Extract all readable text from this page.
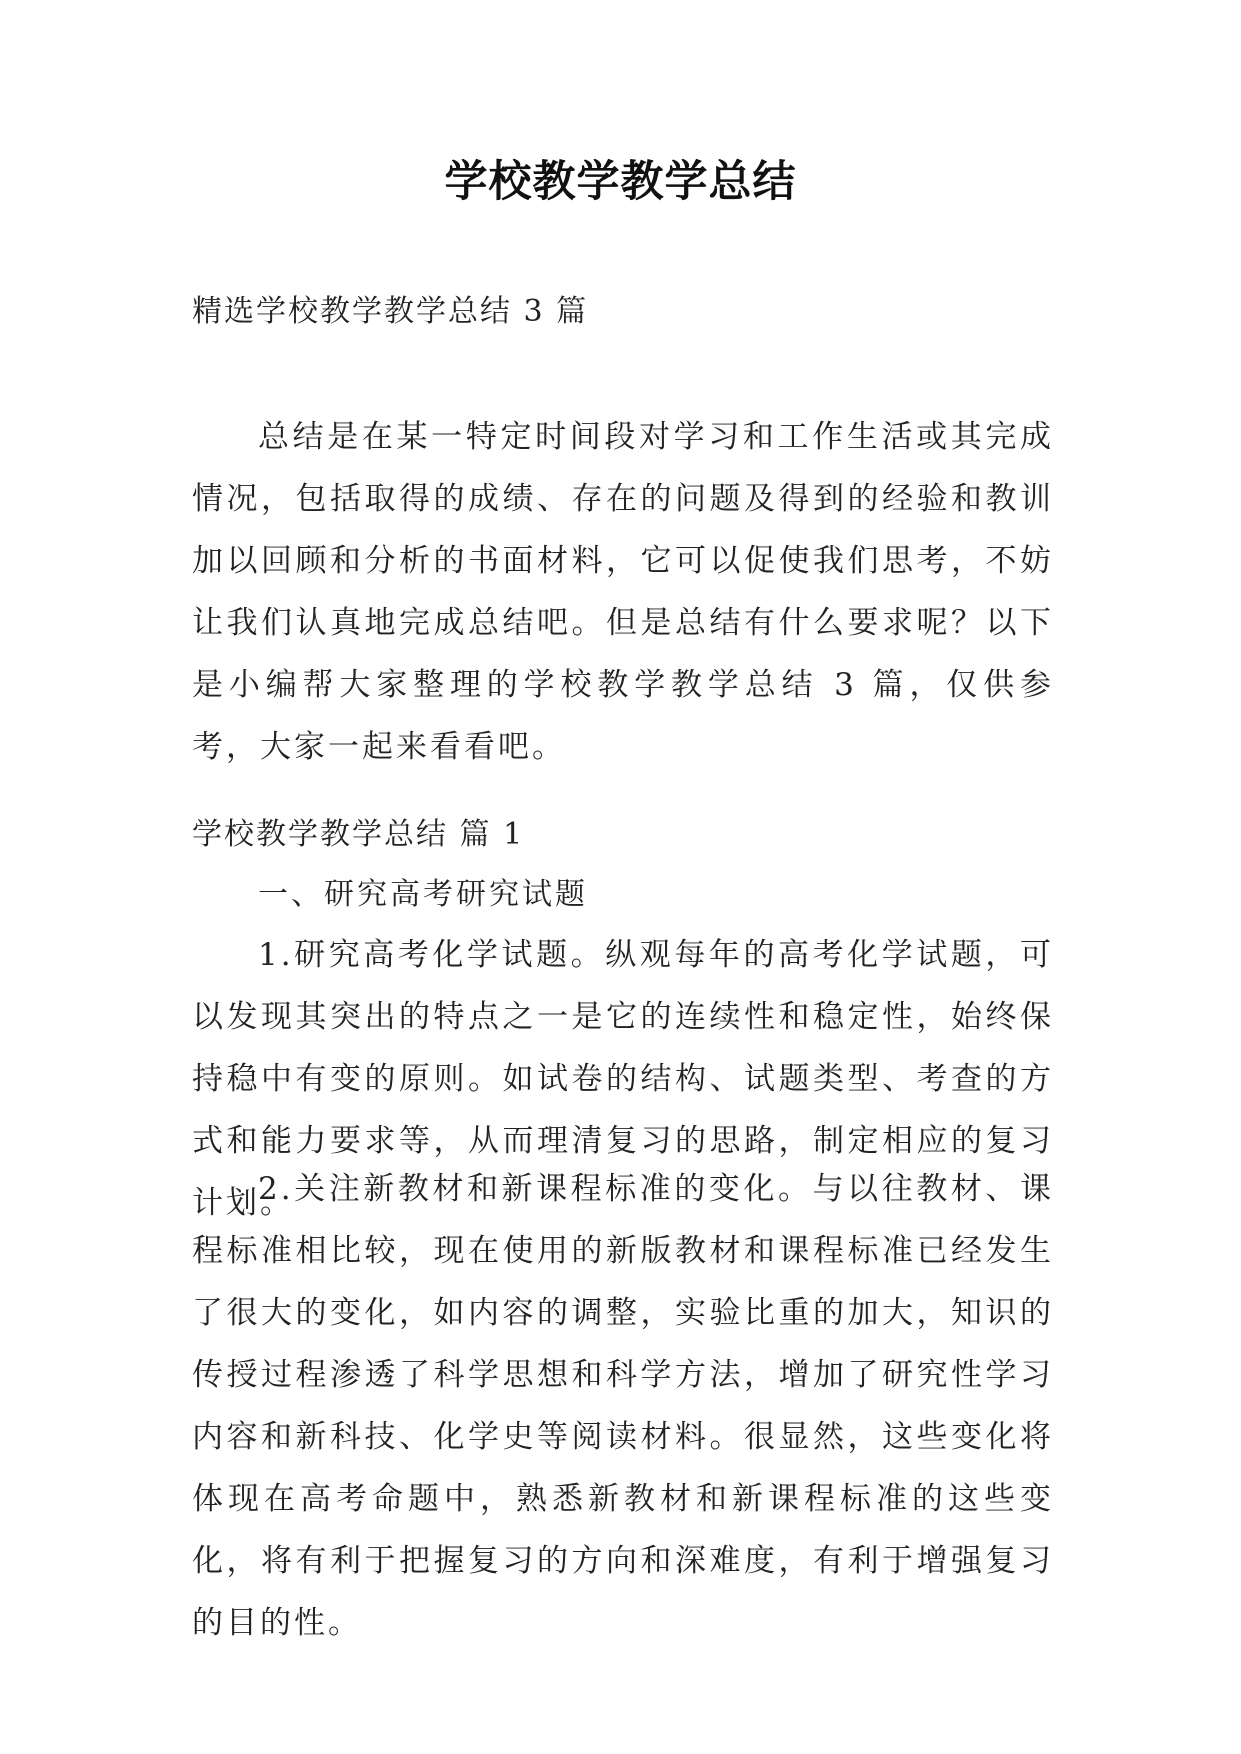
学校教学教学总结
精选学校教学教学总结 3 篇

总结是在某一特定时间段对学习和工作生活或其完成情况，包括取得的成绩、存在的问题及得到的经验和教训加以回顾和分析的书面材料，它可以促使我们思考，不妨让我们认真地完成总结吧。但是总结有什么要求呢？以下是小编帮大家整理的学校教学教学总结 3 篇，仅供参考，大家一起来看看吧。

学校教学教学总结 篇 1
一、研究高考研究试题

1.研究高考化学试题。纵观每年的高考化学试题，可以发现其突出的特点之一是它的连续性和稳定性，始终保持稳中有变的原则。如试卷的结构、试题类型、考查的方式和能力要求等，从而理清复习的思路，制定相应的复习计划。

2.关注新教材和新课程标准的变化。与以往教材、课程标准相比较，现在使用的新版教材和课程标准已经发生了很大的变化，如内容的调整，实验比重的加大，知识的传授过程渗透了科学思想和科学方法，增加了研究性学习内容和新科技、化学史等阅读材料。很显然，这些变化将体现在高考命题中，熟悉新教材和新课程标准的这些变化，将有利于把握复习的方向和深难度，有利于增强复习的目的性。
